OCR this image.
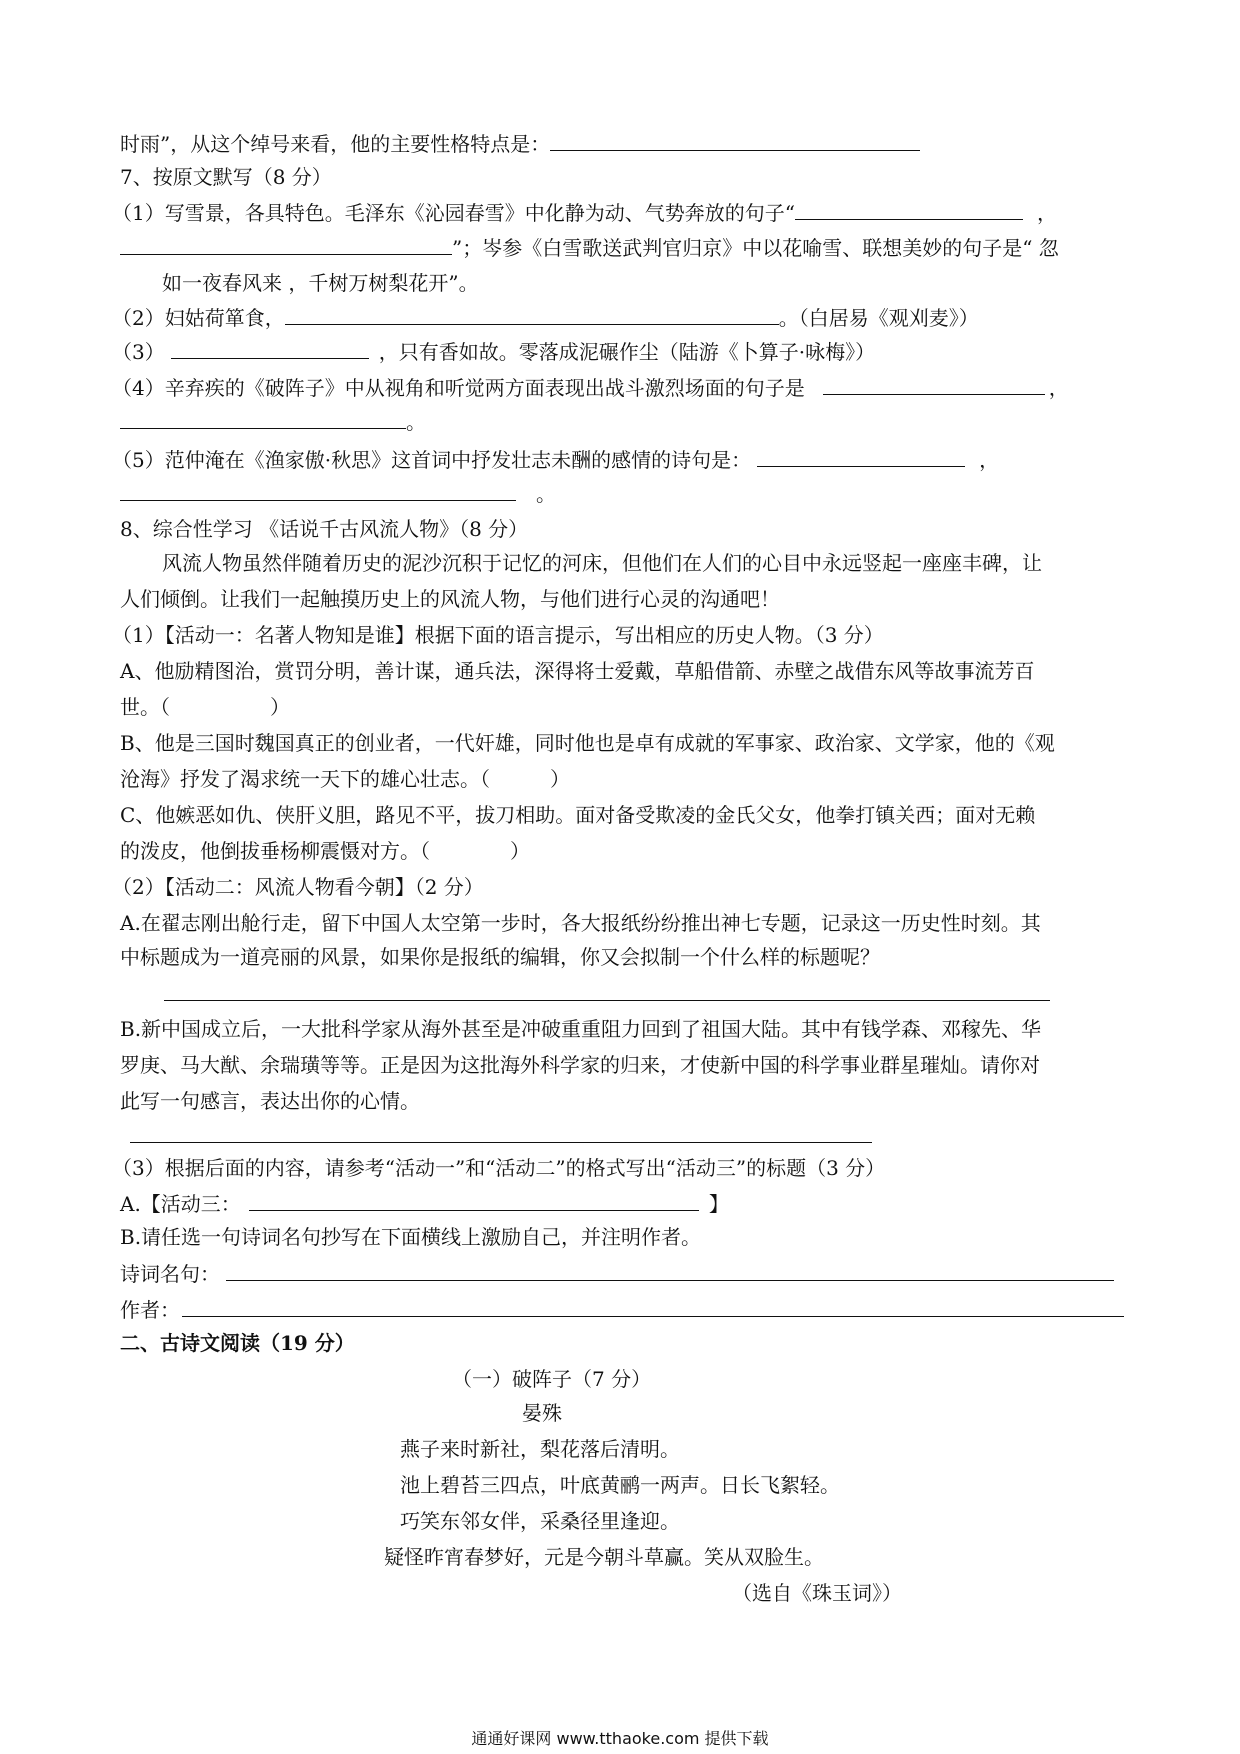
时雨”，从这个绰号来看，他的主要性格特点是：
7、按原文默写（8 分）
（1）写雪景，各具特色。毛泽东《沁园春雪》中化静为动、气势奔放的句子“	，
”；岑参《白雪歌送武判官归京》中以花喻雪、联想美妙的句子是“ 忽
如一夜春风来 ，千树万树梨花开”。
（2）妇姑荷箪食，	。（白居易《观刈麦》）
（3）	，只有香如故。零落成泥碾作尘（陆游《卜算子·咏梅》）
（4）辛弃疾的《破阵子》中从视角和听觉两方面表现出战斗激烈场面的句子是	，
。
（5）范仲淹在《渔家傲·秋思》这首词中抒发壮志未酬的感情的诗句是：	，
。
8、综合性学习 《话说千古风流人物》（8 分）
风流人物虽然伴随着历史的泥沙沉积于记忆的河床，但他们在人们的心目中永远竖起一座座丰碑，让
人们倾倒。让我们一起触摸历史上的风流人物，与他们进行心灵的沟通吧！
（1）【活动一：名著人物知是谁】根据下面的语言提示，写出相应的历史人物。（3 分）
A、他励精图治，赏罚分明，善计谋，通兵法，深得将士爱戴，草船借箭、赤壁之战借东风等故事流芳百
世。（　　　　　）
B、他是三国时魏国真正的创业者，一代奸雄，同时他也是卓有成就的军事家、政治家、文学家，他的《观
沧海》抒发了渴求统一天下的雄心壮志。（　　　）
C、他嫉恶如仇、侠肝义胆，路见不平，拔刀相助。面对备受欺凌的金氏父女，他拳打镇关西；面对无赖
的泼皮，他倒拔垂杨柳震慑对方。（　　　　）
（2）【活动二：风流人物看今朝】（2 分）
A.在翟志刚出舱行走，留下中国人太空第一步时，各大报纸纷纷推出神七专题，记录这一历史性时刻。其
中标题成为一道亮丽的风景，如果你是报纸的编辑，你又会拟制一个什么样的标题呢？
B.新中国成立后，一大批科学家从海外甚至是冲破重重阻力回到了祖国大陆。其中有钱学森、邓稼先、华
罗庚、马大猷、余瑞璜等等。正是因为这批海外科学家的归来，才使新中国的科学事业群星璀灿。请你对
此写一句感言，表达出你的心情。
（3）根据后面的内容，请参考“活动一”和“活动二”的格式写出“活动三”的标题（3 分）
A.【活动三：	】
B.请任选一句诗词名句抄写在下面横线上激励自己，并注明作者。
诗词名句：
作者：
二、古诗文阅读（19 分）
（一）破阵子（7 分）
晏殊
燕子来时新社，梨花落后清明。
池上碧苔三四点，叶底黄鹂一两声。日长飞絮轻。
巧笑东邻女伴，采桑径里逢迎。
疑怪昨宵春梦好，元是今朝斗草赢。笑从双脸生。
（选自《珠玉词》）
通通好课网 www.tthaoke.com 提供下载
